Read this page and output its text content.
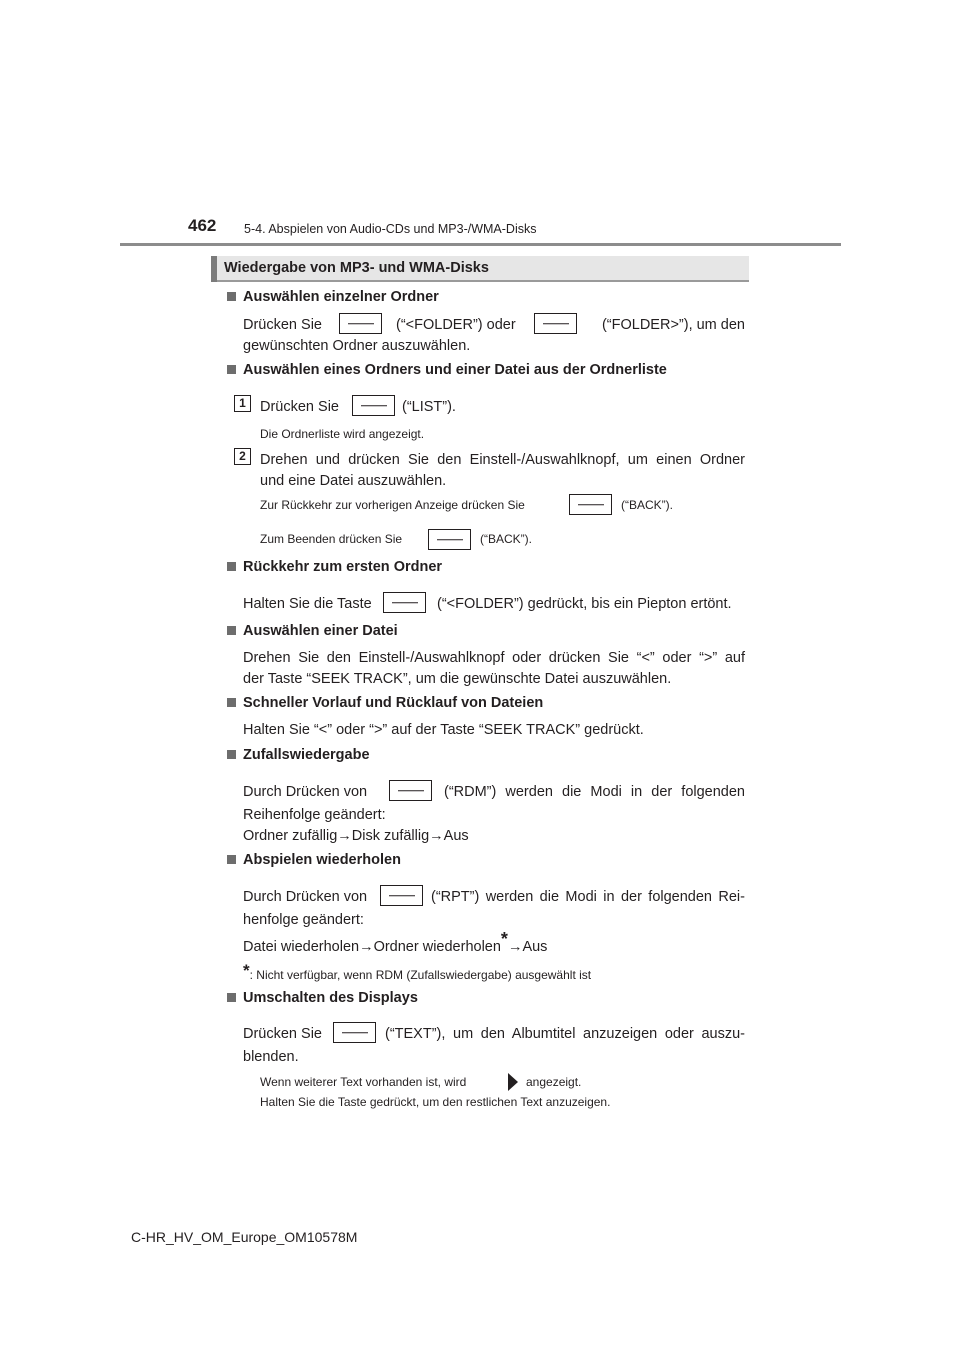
462 5-4. Abspielen von Audio-CDs und MP3-/WMA-Disks
Wiedergabe von MP3- und WMA-Disks
Auswählen einzelner Ordner
Drücken Sie	(“<FOLDER”) oder	(“FOLDER>”), um den
gewünschten Ordner auszuwählen.
Auswählen eines Ordners und einer Datei aus der Ordnerliste
1 Drücken Sie	(“LIST”).
Die Ordnerliste wird angezeigt.
2 Drehen und drücken Sie den Einstell-/Auswahlknopf, um einen Ordner
und eine Datei auszuwählen.
Zur Rückkehr zur vorherigen Anzeige drücken Sie	(“BACK”).
Zum Beenden drücken Sie	(“BACK”).
Rückkehr zum ersten Ordner
Halten Sie die Taste	(“<FOLDER”) gedrückt, bis ein Piepton ertönt.
Auswählen einer Datei
Drehen Sie den Einstell-/Auswahlknopf oder drücken Sie “<” oder “>” auf
der Taste “SEEK TRACK”, um die gewünschte Datei auszuwählen.
Schneller Vorlauf und Rücklauf von Dateien
Halten Sie “<” oder “>” auf der Taste “SEEK TRACK” gedrückt.
Zufallswiedergabe
Durch Drücken von	(“RDM”) werden die Modi in der folgenden
Reihenfolge geändert:
Ordner zufällig→Disk zufällig→Aus
Abspielen wiederholen
Durch Drücken von	(“RPT”) werden die Modi in der folgenden Rei-
henfolge geändert:
Datei wiederholen→Ordner wiederholen*→Aus
*: Nicht verfügbar, wenn RDM (Zufallswiedergabe) ausgewählt ist
Umschalten des Displays
Drücken Sie	(“TEXT”), um den Albumtitel anzuzeigen oder auszu-
blenden.
Wenn weiterer Text vorhanden ist, wird	angezeigt.
Halten Sie die Taste gedrückt, um den restlichen Text anzuzeigen.
C-HR_HV_OM_Europe_OM10578M
